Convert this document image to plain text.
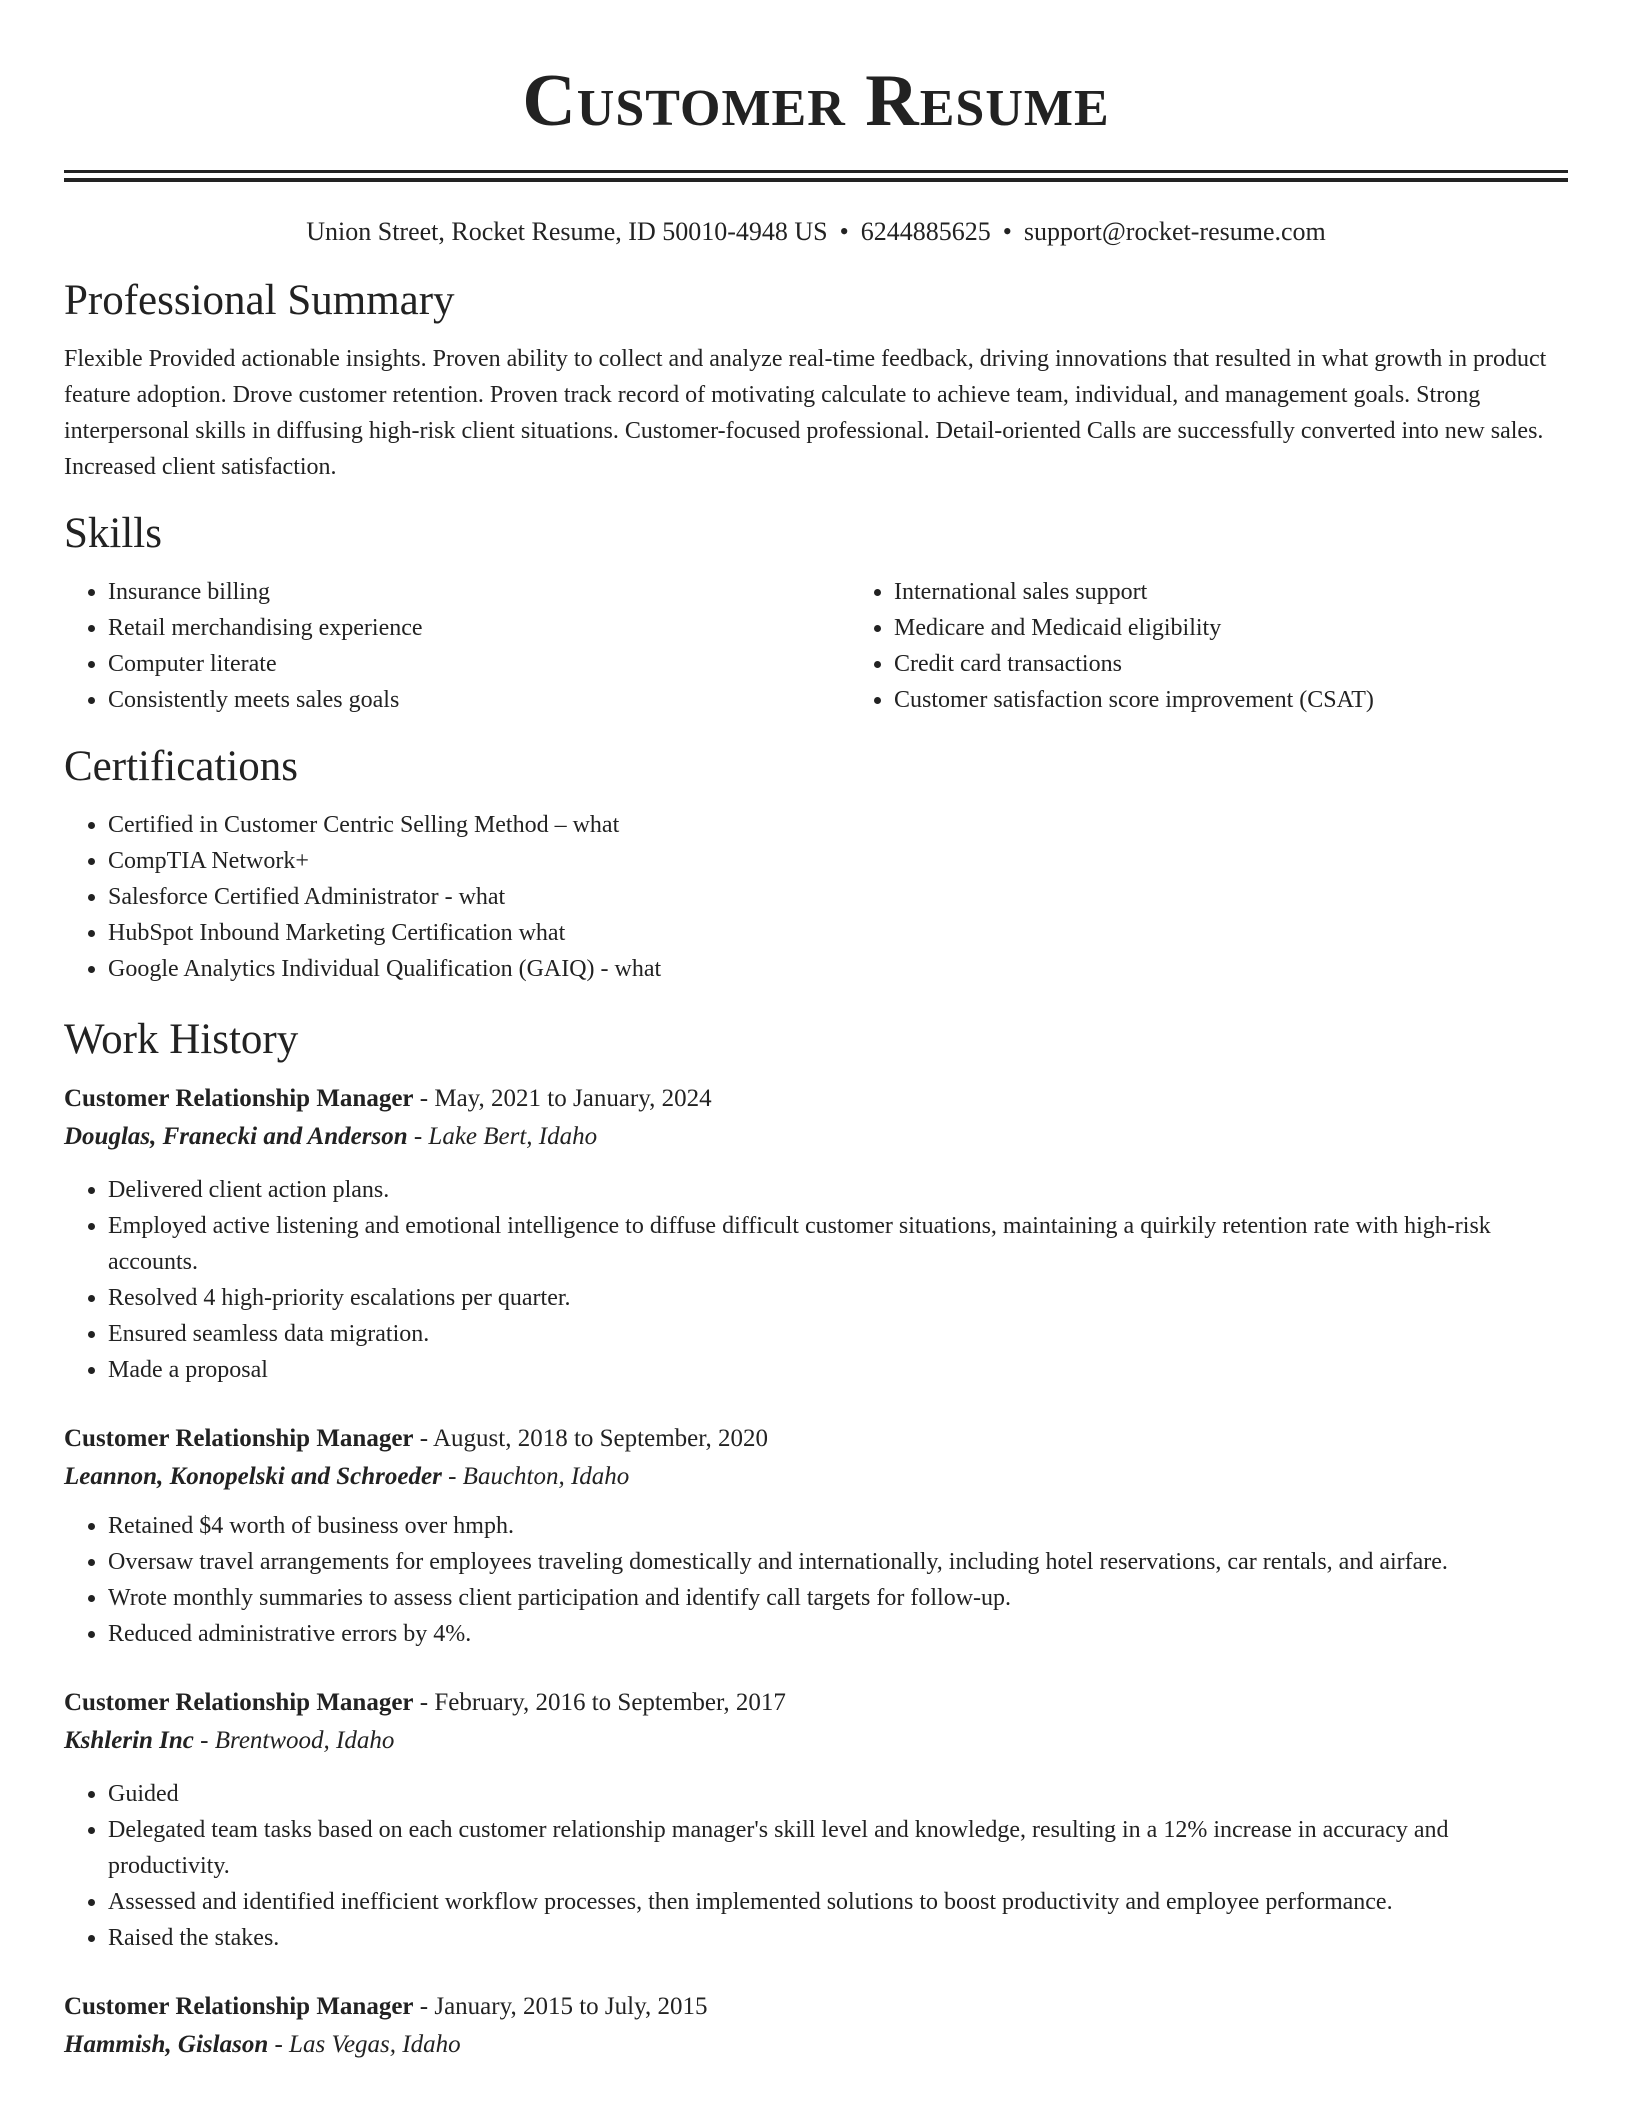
Customer Resume
Union Street, Rocket Resume, ID 50010-4948 US • 6244885625 • support@rocket-resume.com
Professional Summary

Flexible Provided actionable insights. Proven ability to collect and analyze real-time feedback, driving innovations that resulted in what growth in product feature adoption. Drove customer retention. Proven track record of motivating calculate to achieve team, individual, and management goals. Strong interpersonal skills in diffusing high-risk client situations. Customer-focused professional. Detail-oriented Calls are successfully converted into new sales. Increased client satisfaction.

Skills
• Insurance billing
• Retail merchandising experience
• Computer literate
• Consistently meets sales goals
• International sales support
• Medicare and Medicaid eligibility
• Credit card transactions
• Customer satisfaction score improvement (CSAT)
Certifications
• Certified in Customer Centric Selling Method – what
• CompTIA Network+
• Salesforce Certified Administrator - what
• HubSpot Inbound Marketing Certification what
• Google Analytics Individual Qualification (GAIQ) - what
Work History
Customer Relationship Manager - May, 2021 to January, 2024
Douglas, Franecki and Anderson - Lake Bert, Idaho
• Delivered client action plans.
• Employed active listening and emotional intelligence to diffuse difficult customer situations, maintaining a quirkily retention rate with high-risk accounts.
• Resolved 4 high-priority escalations per quarter.
• Ensured seamless data migration.
• Made a proposal
Customer Relationship Manager - August, 2018 to September, 2020
Leannon, Konopelski and Schroeder - Bauchton, Idaho
• Retained $4 worth of business over hmph.
• Oversaw travel arrangements for employees traveling domestically and internationally, including hotel reservations, car rentals, and airfare.
• Wrote monthly summaries to assess client participation and identify call targets for follow-up.
• Reduced administrative errors by 4%.
Customer Relationship Manager - February, 2016 to September, 2017
Kshlerin Inc - Brentwood, Idaho
• Guided
• Delegated team tasks based on each customer relationship manager's skill level and knowledge, resulting in a 12% increase in accuracy and productivity.
• Assessed and identified inefficient workflow processes, then implemented solutions to boost productivity and employee performance.
• Raised the stakes.
Customer Relationship Manager - January, 2015 to July, 2015
Hammish, Gislason - Las Vegas, Idaho
